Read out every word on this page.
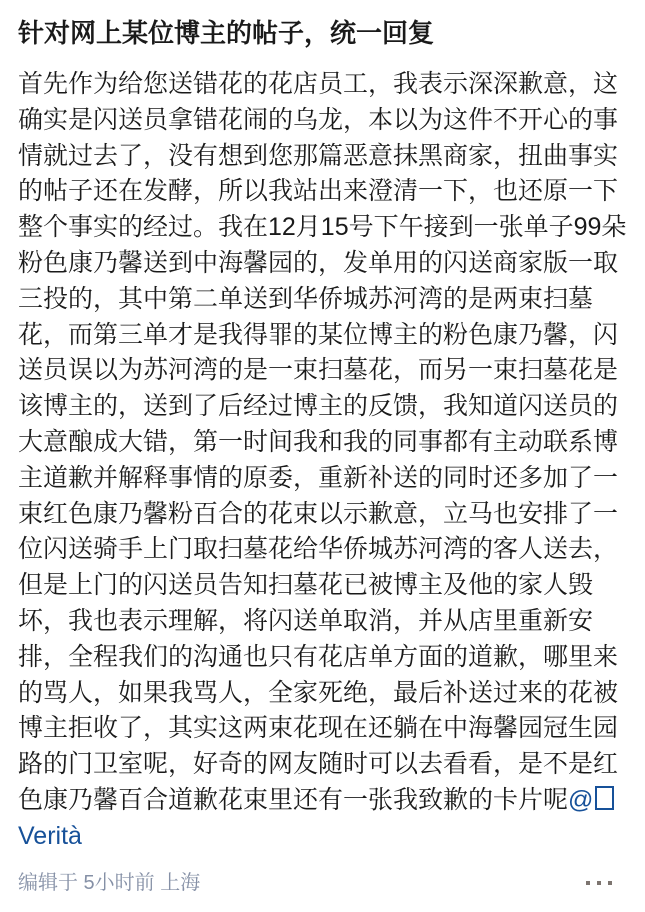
针对网上某位博主的帖子，统一回复

首先作为给您送错花的花店员工，我表示深深歉意，这确实是闪送员拿错花闹的乌龙，本以为这件不开心的事情就过去了，没有想到您那篇恶意抹黑商家，扭曲事实的帖子还在发酵，所以我站出来澄清一下，也还原一下整个事实的经过。我在12月15号下午接到一张单子99朵粉色康乃馨送到中海馨园的，发单用的闪送商家版一取三投的，其中第二单送到华侨城苏河湾的是两束扫墓花，而第三单才是我得罪的某位博主的粉色康乃馨，闪送员误以为苏河湾的是一束扫墓花，而另一束扫墓花是该博主的，送到了后经过博主的反馈，我知道闪送员的大意酿成大错，第一时间我和我的同事都有主动联系博主道歉并解释事情的原委，重新补送的同时还多加了一束红色康乃馨粉百合的花束以示歉意，立马也安排了一位闪送骑手上门取扫墓花给华侨城苏河湾的客人送去，但是上门的闪送员告知扫墓花已被博主及他的家人毁坏，我也表示理解，将闪送单取消，并从店里重新安排，全程我们的沟通也只有花店单方面的道歉，哪里来的骂人，如果我骂人，全家死绝，最后补送过来的花被博主拒收了，其实这两束花现在还躺在中海馨园冠生园路的门卫室呢，好奇的网友随时可以去看看，是不是红色康乃馨百合道歉花束里还有一张我致歉的卡片呢@Verità

编辑于 5小时前 上海
